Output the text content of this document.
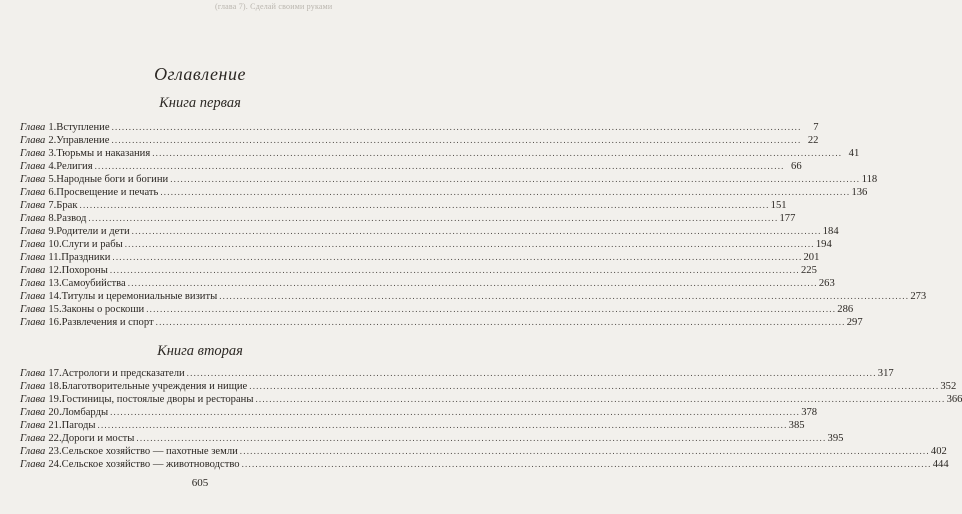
(глава 7). Сделай своими руками
Оглавление
Книга первая
Глава 1. Вступление ........................................................................................................................................................................................................	7
Глава 2. Управление ........................................................................................................................................................................................................ 22
Глава 3. Тюрьмы и наказания ........................................................................................................................................................................................................ 41
Глава 4. Религия ........................................................................................................................................................................................................ 66
Глава 5. Народные боги и богини ........................................................................................................................................................................................................ 118
Глава 6. Просвещение и печать ........................................................................................................................................................................................................ 136
Глава 7. Брак ........................................................................................................................................................................................................ 151
Глава 8. Развод ........................................................................................................................................................................................................ 177
Глава 9. Родители и дети ........................................................................................................................................................................................................ 184
Глава 10. Слуги и рабы ........................................................................................................................................................................................................ 194
Глава 11. Праздники ........................................................................................................................................................................................................ 201
Глава 12. Похороны ........................................................................................................................................................................................................ 225
Глава 13. Самоубийства ........................................................................................................................................................................................................ 263
Глава 14. Титулы и церемониальные визиты ........................................................................................................................................................................................................ 273
Глава 15. Законы о роскоши ........................................................................................................................................................................................................ 286
Глава 16. Развлечения и спорт ........................................................................................................................................................................................................ 297
Книга вторая
Глава 17. Астрологи и предсказатели ........................................................................................................................................................................................................ 317
Глава 18. Благотворительные учреждения и нищие ........................................................................................................................................................................................................ 352
Глава 19. Гостиницы, постоялые дворы и рестораны ........................................................................................................................................................................................................ 366
Глава 20. Ломбарды ........................................................................................................................................................................................................ 378
Глава 21. Пагоды ........................................................................................................................................................................................................ 385
Глава 22. Дороги и мосты ........................................................................................................................................................................................................ 395
Глава 23. Сельское хозяйство — пахотные земли ........................................................................................................................................................................................................ 402
Глава 24. Сельское хозяйство — животноводство ........................................................................................................................................................................................................ 444
605
